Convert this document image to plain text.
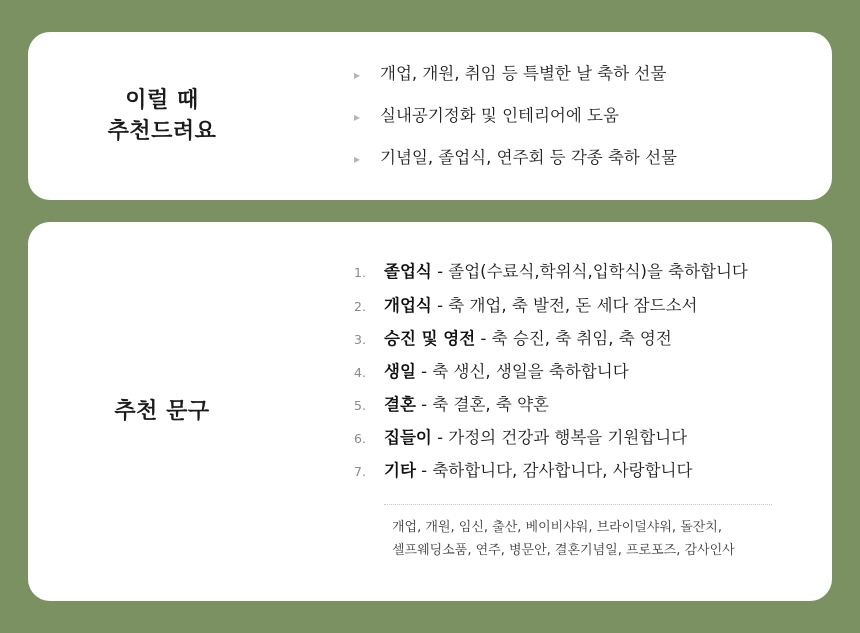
이럴 때
추천드려요
▸	개업, 개원, 취임 등 특별한 날 축하 선물
▸	실내공기정화 및 인테리어에 도움
▸	기념일, 졸업식, 연주회 등 각종 축하 선물
추천 문구
1.	졸업식 - 졸업(수료식,학위식,입학식)을 축하합니다
2.	개업식 - 축 개업, 축 발전, 돈 세다 잠드소서
3.	승진 및 영전 - 축 승진, 축 취임, 축 영전
4.	생일 - 축 생신, 생일을 축하합니다
5.	결혼 - 축 결혼, 축 약혼
6.	집들이 - 가정의 건강과 행복을 기원합니다
7.	기타 - 축하합니다, 감사합니다, 사랑합니다
개업, 개원, 임신, 출산, 베이비샤워, 브라이덜샤워, 돌잔치,
셀프웨딩소품, 연주, 병문안, 결혼기념일, 프로포즈, 감사인사
